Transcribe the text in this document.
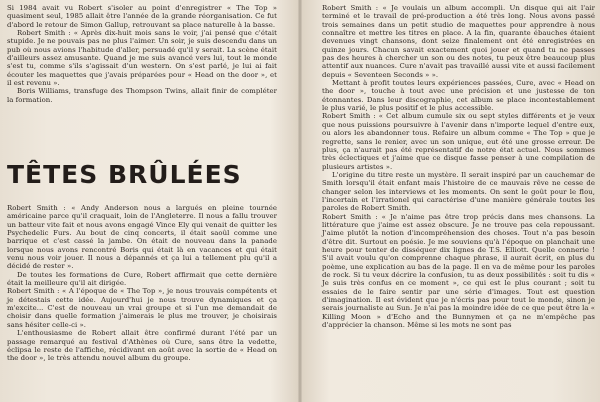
Si 1984 avait vu Robert s'isoler au point d'enregistrer « The Top » quasiment seul, 1985 allait être l'année de la grande réorganisation. Ce fut d'abord le retour de Simon Gallup, retrouvant sa place naturelle à la basse.

Robert Smith : « Après dix-huit mois sans le voir, j'ai pensé que c'était stupide. Je ne pouvais pas ne plus l'aimer. Un soir, je suis descendu dans un pub où nous avions l'habitude d'aller, persuadé qu'il y serait. La scène était d'ailleurs assez amusante. Quand je me suis avancé vers lui, tout le monde s'est tu, comme s'ils s'agissait d'un western. On s'est parlé, je lui ai fait écouter les maquettes que j'avais préparées pour « Head on the door », et il est revenu ».

Boris Williams, transfuge des Thompson Twins, allait finir de compléter la formation.

TÊTES BRÛLÉES

Robert Smith : « Andy Anderson nous a largués en pleine tournée américaine parce qu'il craquait, loin de l'Angleterre. Il nous a fallu trouver un batteur vite fait et nous avons engagé Vince Ely qui venait de quitter les Psychedelic Furs. Au bout de cinq concerts, il était saoûl comme une barrique et c'est cassé la jambe. On était de nouveau dans la panade lorsque nous avons rencontré Boris qui était là en vacances et qui était venu nous voir jouer. Il nous a dépannés et ça lui a tellement plu qu'il a décidé de rester ».

De toutes les formations de Cure, Robert affirmait que cette dernière était la meilleure qu'il ait dirigée.

Robert Smith : « A l'époque de « The Top », je nous trouvais compétents et je détestais cette idée. Aujourd'hui je nous trouve dynamiques et ça m'excite... C'est de nouveau un vrai groupe et si l'un me demandait de choisir dans quelle formation j'aimerais le plus me trouver, je choisirais sans hésiter celle-ci ».

L'enthousiasme de Robert allait être confirmé durant l'été par un passage remarqué au festival d'Athènes où Cure, sans être la vedette, éclipsa le reste de l'affiche, récidivant en août avec la sortie de « Head on the door », le très attendu nouvel album du groupe.

Robert Smith : « Je voulais un album accompli. Un disque qui ait l'air terminé et le travail de pré-production a été très long. Nous avons passé trois semaines dans un petit studio de maquettes pour apprendre à nous connaître et mettre les titres en place. A la fin, quarante ébauches étaient devenues vingt chansons, dont seize finalement ont été enregistrées en quinze jours. Chacun savait exactement quoi jouer et quand tu ne passes pas des heures à chercher un son ou des notes, tu peux être beaucoup plus attentif aux nuances. Cure n'avait pas travaillé aussi vite et aussi facilement depuis « Seventeen Seconds » ».

Mettant à profit toutes leurs expériences passées, Cure, avec « Head on the door », touche à tout avec une précision et une justesse de ton étonnantes. Dans leur discographie, cet album se place incontestablement le plus varié, le plus positif et le plus accessible.

Robert Smith : « Cet album cumule six ou sept styles différents et je veux que nous puissions poursuivre à l'avenir dans n'importe lequel d'entre eux, ou alors les abandonner tous. Refaire un album comme « The Top » que je regrette, sans le renier, avec un son unique, eut été une grosse erreur. De plus, ça n'aurait pas été représentatif de notre état actuel. Nous sommes très éclectiques et j'aime que ce disque fasse penser à une compilation de plusieurs artistes ».

L'origine du titre reste un mystère. Il serait inspiré par un cauchemar de Smith lorsqu'il était enfant mais l'histoire de ce mauvais rêve ne cesse de changer selon les interviews et les moments. On sent le goût pour le flou, l'incertain et l'irrationel qui caractérise d'une manière générale toutes les paroles de Robert Smith.

Robert Smith : « Je n'aime pas être trop précis dans mes chansons. La littérature que j'aime est assez obscure. Je ne trouve pas cela repoussant. J'aime plutôt la notion d'incompréhension des choses. Tout n'a pas besoin d'être dit. Surtout en poésie. Je me souviens qu'à l'époque on planchait une heure pour tenter de disséquer dix lignes de T.S. Elliott. Quelle connerie ! S'il avait voulu qu'on comprenne chaque phrase, il aurait écrit, en plus du poème, une explication au bas de la page. Il en va de même pour les paroles de rock. Si tu veux décrire la confusion, tu as deux possibilités : soit tu dis « Je suis très confus en ce moment », ce qui est le plus courant ; soit tu essaies de le faire sentir par une série d'images. Tout est question d'imagination. Il est évident que je n'écris pas pour tout le monde, sinon je serais journaliste au Sun. Je n'ai pas la moindre idée de ce que peut être la « Killing Moon » d'Echo and the Bunnymen et ça ne m'empêche pas d'apprécier la chanson. Même si les mots ne sont pas
